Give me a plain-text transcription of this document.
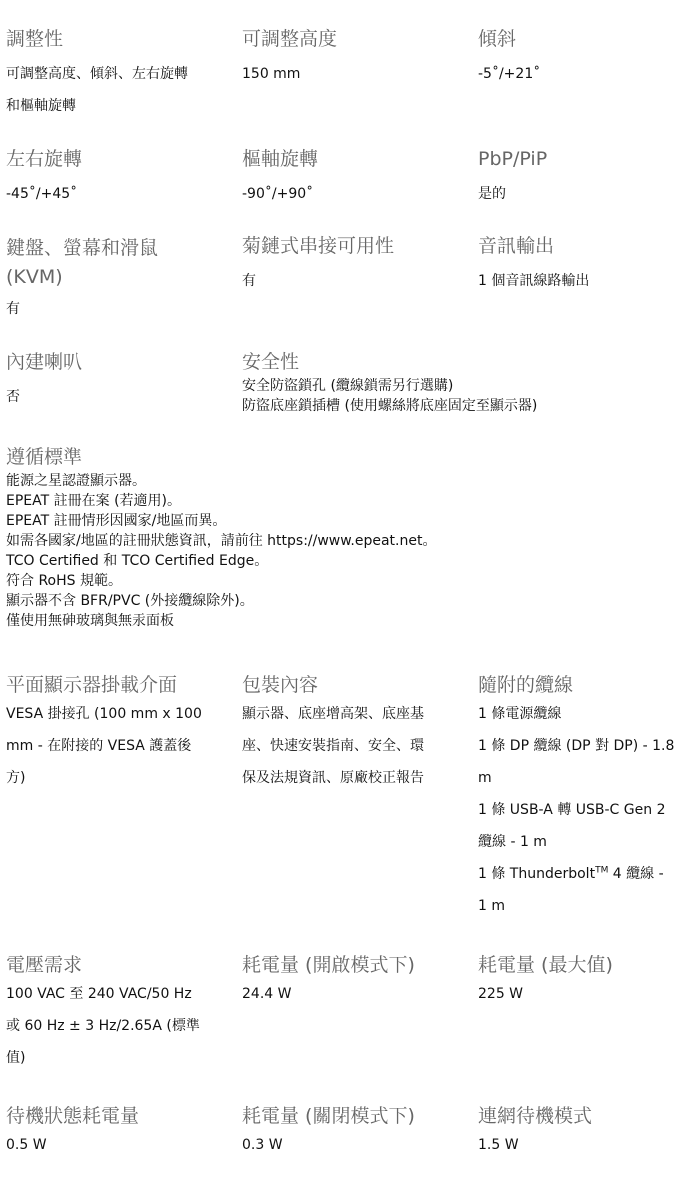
調整性
可調整高度、傾斜、左右旋轉
和樞軸旋轉
可調整高度
150 mm
傾斜
-5˚/+21˚
左右旋轉
-45˚/+45˚
樞軸旋轉
-90˚/+90˚
PbP/PiP
是的
鍵盤、螢幕和滑鼠
(KVM)
有
菊鏈式串接可用性
有
音訊輸出
1 個音訊線路輸出
內建喇叭
否
安全性
安全防盜鎖孔 (纜線鎖需另行選購)
防盜底座鎖插槽 (使用螺絲將底座固定至顯示器)
遵循標準
能源之星認證顯示器。
EPEAT 註冊在案 (若適用)。
EPEAT 註冊情形因國家/地區而異。
如需各國家/地區的註冊狀態資訊，請前往 https://www.epeat.net。
TCO Certified 和 TCO Certified Edge。
符合 RoHS 規範。
顯示器不含 BFR/PVC (外接纜線除外)。
僅使用無砷玻璃與無汞面板
平面顯示器掛載介面
VESA 掛接孔 (100 mm x 100
mm - 在附接的 VESA 護蓋後
方)
包裝內容
顯示器、底座增高架、底座基
座、快速安裝指南、安全、環
保及法規資訊、原廠校正報告
隨附的纜線
1 條電源纜線
1 條 DP 纜線 (DP 對 DP) - 1.8
m
1 條 USB-A 轉 USB-C Gen 2
纜線 - 1 m
1 條 Thunderbolt™ 4 纜線 -
1 m
電壓需求
100 VAC 至 240 VAC/50 Hz
或 60 Hz ± 3 Hz/2.65A (標準
值)
耗電量 (開啟模式下)
24.4 W
耗電量 (最大值)
225 W
待機狀態耗電量
0.5 W
耗電量 (關閉模式下)
0.3 W
連網待機模式
1.5 W
